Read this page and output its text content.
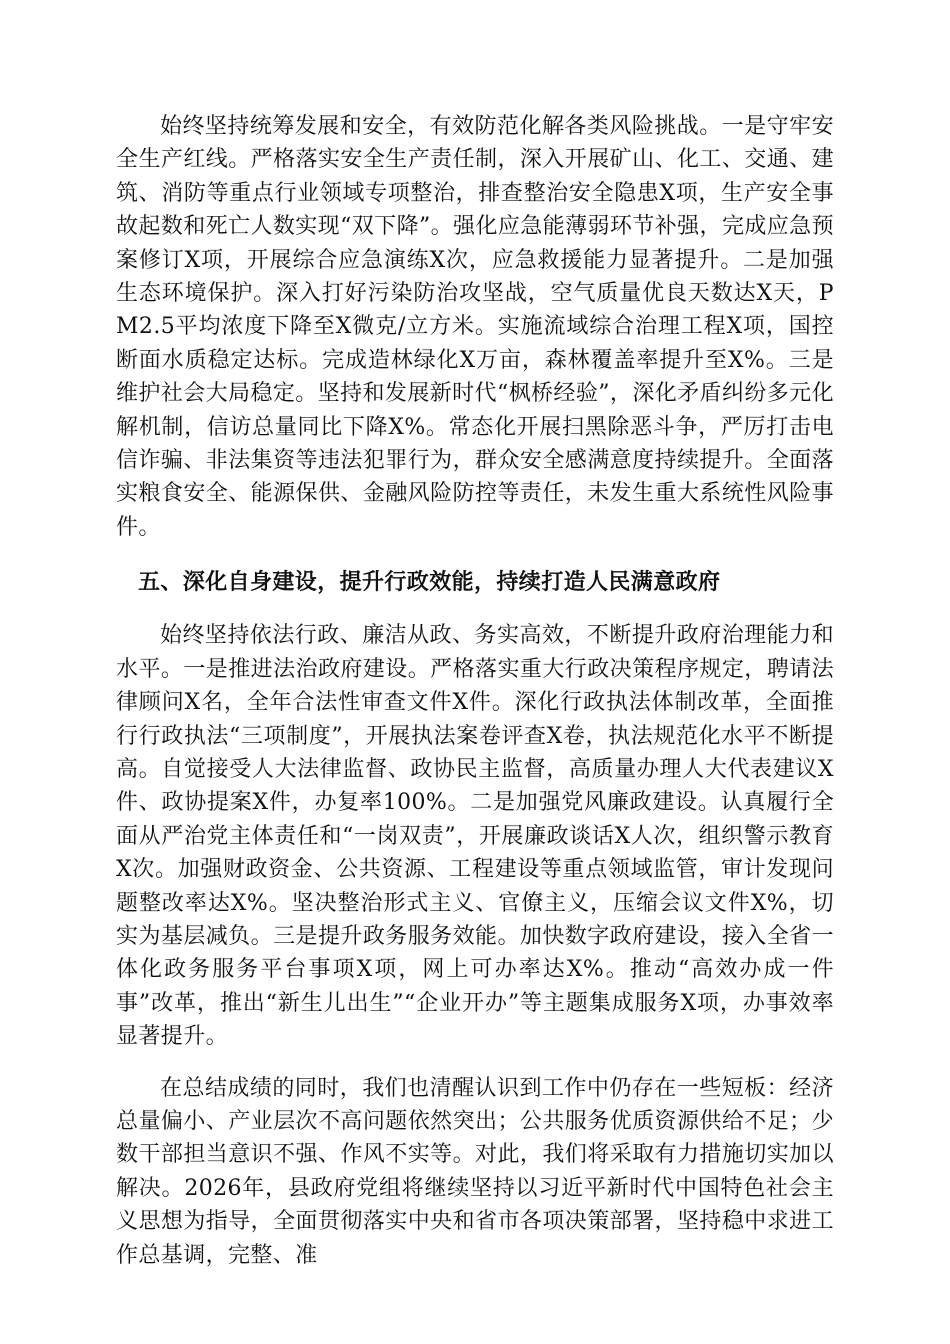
始终坚持统筹发展和安全，有效防范化解各类风险挑战。一是守牢安全生产红线。严格落实安全生产责任制，深入开展矿山、化工、交通、建筑、消防等重点行业领域专项整治，排查整治安全隐患X项，生产安全事故起数和死亡人数实现“双下降”。强化应急能薄弱环节补强，完成应急预案修订X项，开展综合应急演练X次，应急救援能力显著提升。二是加强生态环境保护。深入打好污染防治攻坚战，空气质量优良天数达X天，PM2.5平均浓度下降至X微克/立方米。实施流域综合治理工程X项，国控断面水质稳定达标。完成造林绿化X万亩，森林覆盖率提升至X%。三是维护社会大局稳定。坚持和发展新时代“枫桥经验”，深化矛盾纠纷多元化解机制，信访总量同比下降X%。常态化开展扫黑除恶斗争，严厉打击电信诈骗、非法集资等违法犯罪行为，群众安全感满意度持续提升。全面落实粮食安全、能源保供、金融风险防控等责任，未发生重大系统性风险事件。

五、深化自身建设，提升行政效能，持续打造人民满意政府

始终坚持依法行政、廉洁从政、务实高效，不断提升政府治理能力和水平。一是推进法治政府建设。严格落实重大行政决策程序规定，聘请法律顾问X名，全年合法性审查文件X件。深化行政执法体制改革，全面推行行政执法“三项制度”，开展执法案卷评查X卷，执法规范化水平不断提高。自觉接受人大法律监督、政协民主监督，高质量办理人大代表建议X件、政协提案X件，办复率100%。二是加强党风廉政建设。认真履行全面从严治党主体责任和“一岗双责”，开展廉政谈话X人次，组织警示教育X次。加强财政资金、公共资源、工程建设等重点领域监管，审计发现问题整改率达X%。坚决整治形式主义、官僚主义，压缩会议文件X%，切实为基层减负。三是提升政务服务效能。加快数字政府建设，接入全省一体化政务服务平台事项X项，网上可办率达X%。推动“高效办成一件事”改革，推出“新生儿出生”“企业开办”等主题集成服务X项，办事效率显著提升。

在总结成绩的同时，我们也清醒认识到工作中仍存在一些短板：经济总量偏小、产业层次不高问题依然突出；公共服务优质资源供给不足；少数干部担当意识不强、作风不实等。对此，我们将采取有力措施切实加以解决。2026年，县政府党组将继续坚持以习近平新时代中国特色社会主义思想为指导，全面贯彻落实中央和省市各项决策部署，坚持稳中求进工作总基调，完整、准
